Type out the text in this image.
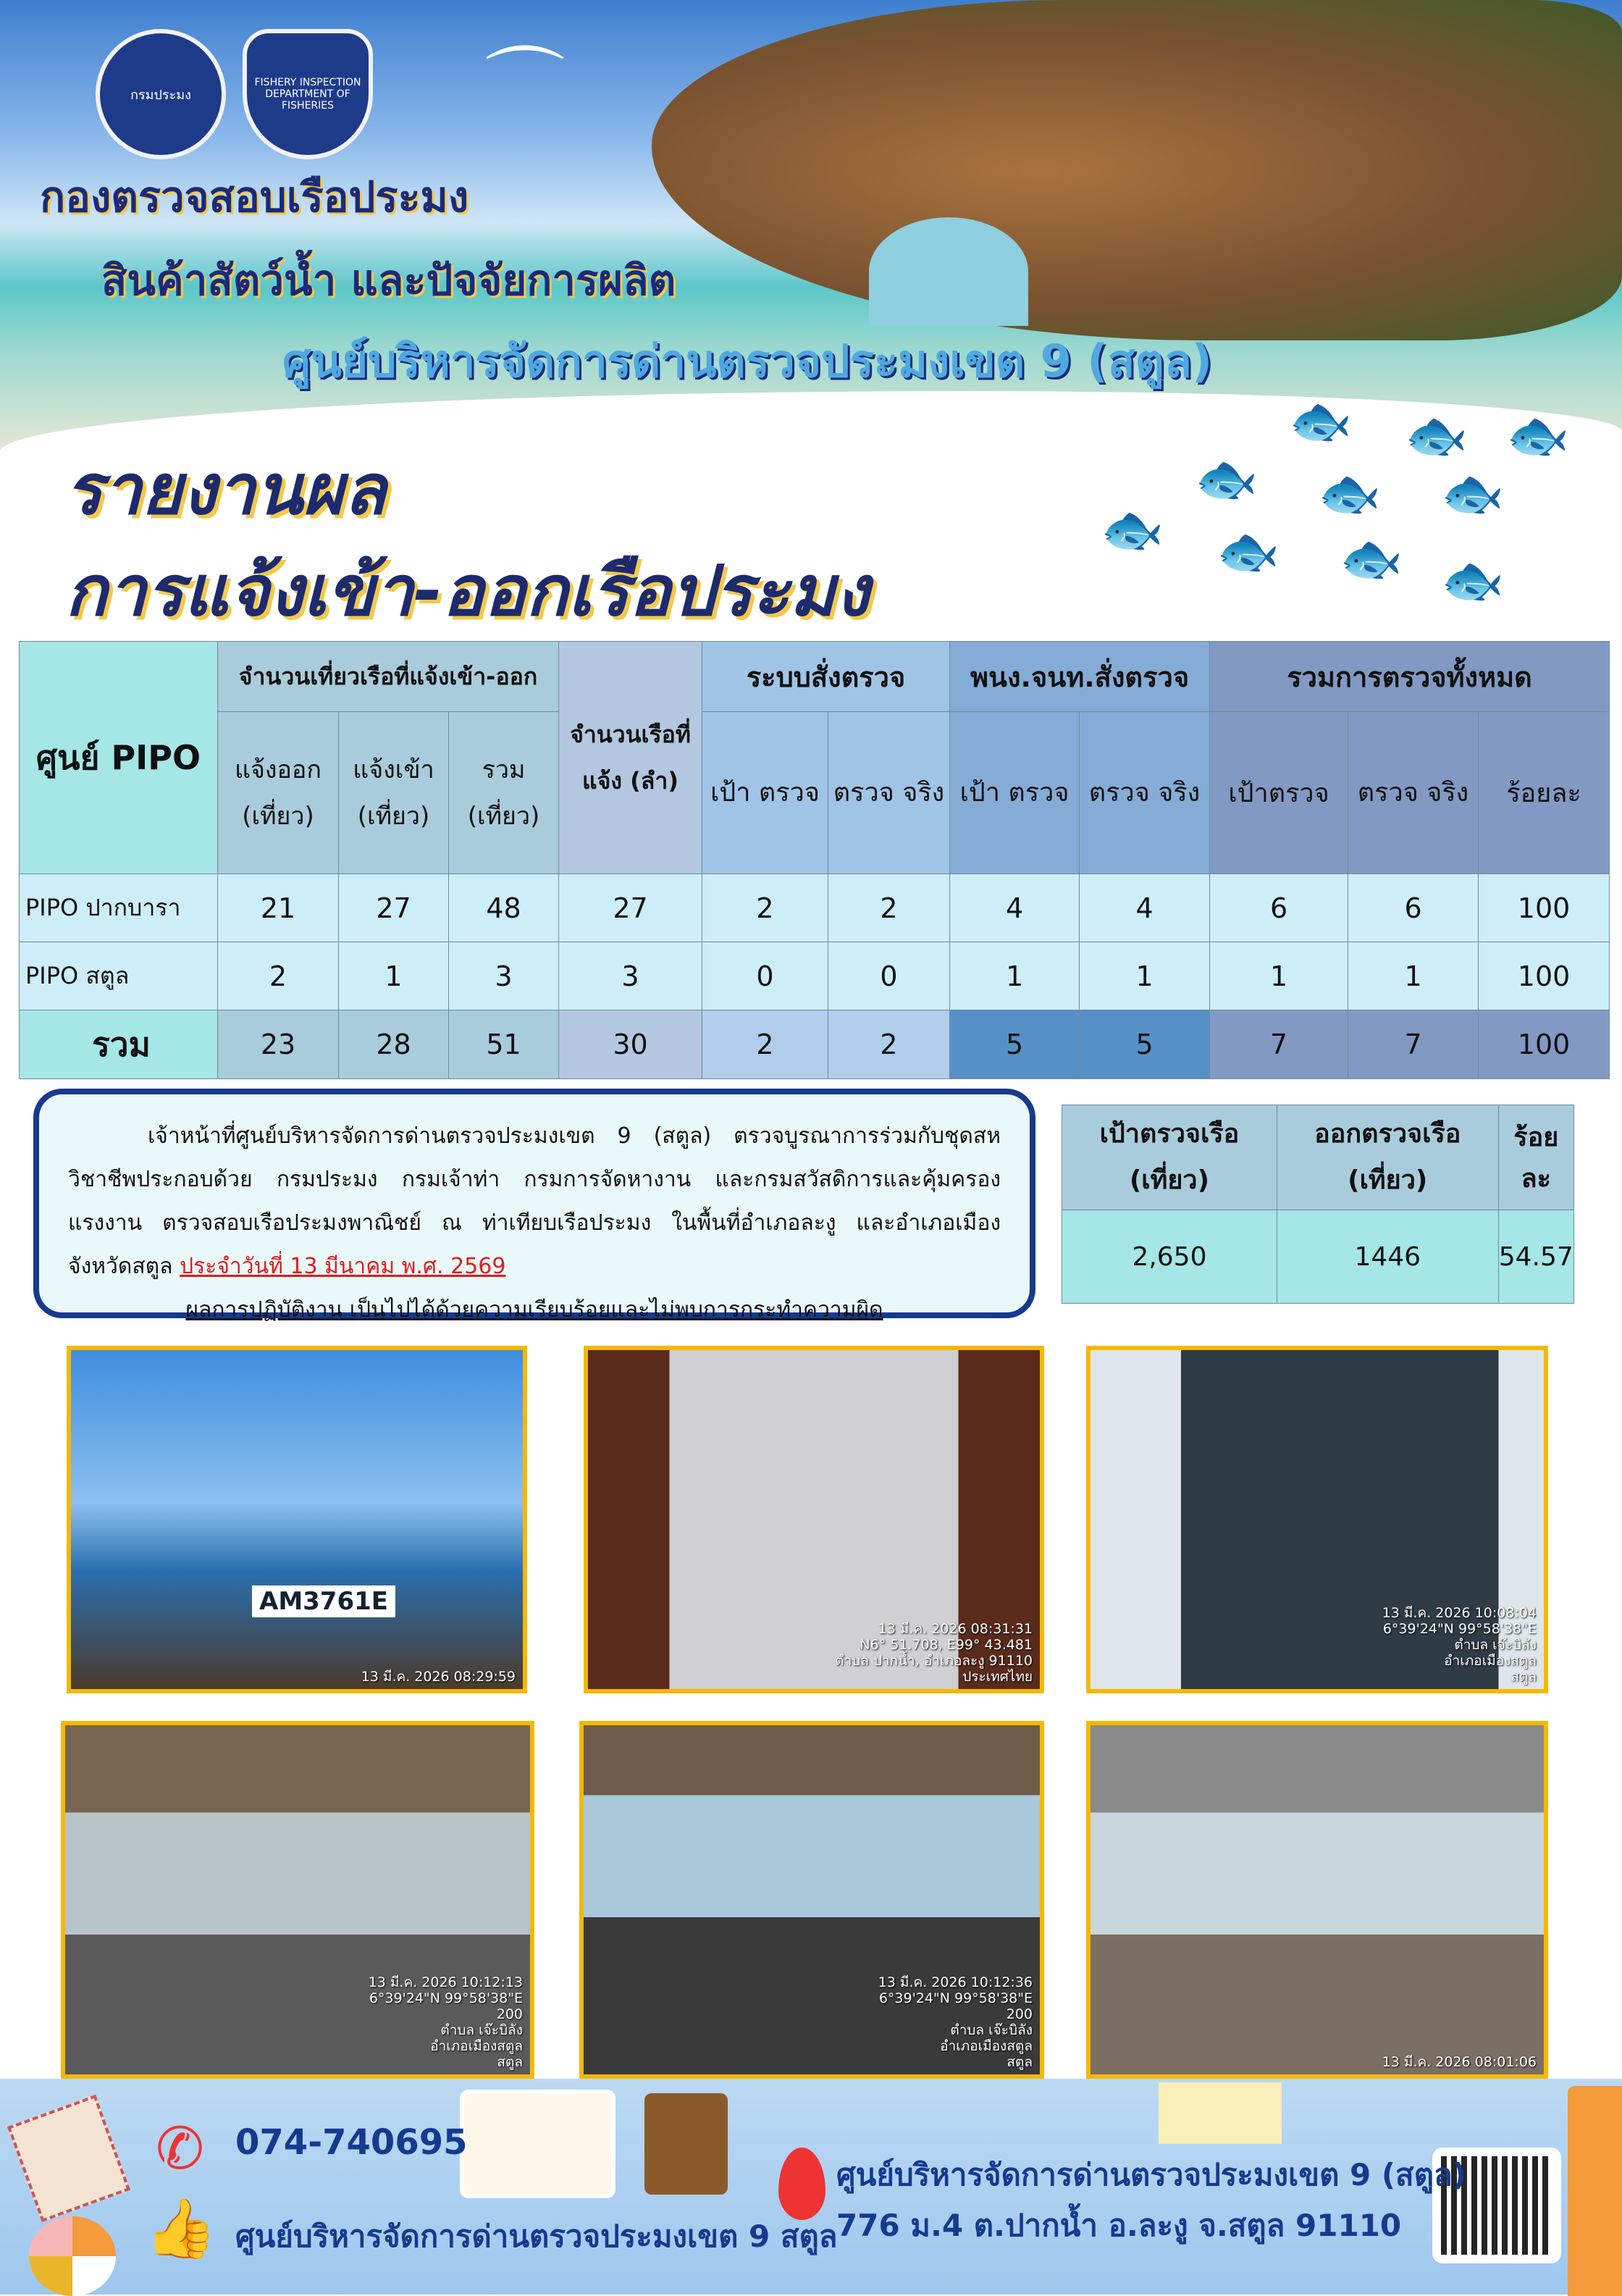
กรมประมง
FISHERY INSPECTION DEPARTMENT OF FISHERIES	⌒
กองตรวจสอบเรือประมง
สินค้าสัตว์น้ำ และปัจจัยการผลิต
ศูนย์บริหารจัดการด่านตรวจประมงเขต 9 (สตูล)
รายงานผล
การแจ้งเข้า-ออกเรือประมง
🐟 🐟 🐟
🐟 🐟 🐟
🐟 🐟 🐟 🐟
ศูนย์ PIPO	จำนวนเที่ยวเรือที่แจ้งเข้า-ออก			จำนวนเรือที่แจ้ง (ลำ)	ระบบสั่งตรวจ		พนง.จนท.สั่งตรวจ		รวมการตรวจทั้งหมด		
	แจ้งออก (เที่ยว)	แจ้งเข้า (เที่ยว)	รวม (เที่ยว)		เป้า ตรวจ	ตรวจ จริง	เป้า ตรวจ	ตรวจ จริง	เป้าตรวจ	ตรวจ จริง	ร้อยละ
PIPO ปากบารา	21	27	48	27	2	2	4	4	6	6	100
PIPO สตูล	2	1	3	3	0	0	1	1	1	1	100
รวม	23	28	51	30	2	2	5	5	7	7	100
เจ้าหน้าที่ศูนย์บริหารจัดการด่านตรวจประมงเขต 9 (สตูล) ตรวจบูรณาการร่วมกับชุดสหวิชาชีพประกอบด้วย กรมประมง กรมเจ้าท่า กรมการจัดหางาน และกรมสวัสดิการและคุ้มครองแรงงาน ตรวจสอบเรือประมงพาณิชย์ ณ ท่าเทียบเรือประมง ในพื้นที่อำเภอละงู และอำเภอเมือง จังหวัดสตูล ประจำวันที่ 13 มีนาคม พ.ศ. 2569
ผลการปฏิบัติงาน เป็นไปได้ด้วยความเรียบร้อยและไม่พบการกระทำความผิด
เป้าตรวจเรือ (เที่ยว)	ออกตรวจเรือ (เที่ยว)	ร้อยละ
2,650	1446	54.57
AM3761E
13 มี.ค. 2026 08:29:59
13 มี.ค. 2026 08:31:31
N6° 51.708, E99° 43.481
ตำบล ปากน้ำ, อำเภอละงู 91110
ประเทศไทย
13 มี.ค. 2026 10:08:04
6°39'24"N 99°58'38"E
ตำบล เจ๊ะบิลัง
อำเภอเมืองสตูล
สตูล
13 มี.ค. 2026 10:12:13
6°39'24"N 99°58'38"E
200
ตำบล เจ๊ะบิลัง
อำเภอเมืองสตูล
สตูล
13 มี.ค. 2026 10:12:36
6°39'24"N 99°58'38"E
200
ตำบล เจ๊ะบิลัง
อำเภอเมืองสตูล
สตูล	13 มี.ค. 2026 08:01:06
✆
👍
074-740695
ศูนย์บริหารจัดการด่านตรวจประมงเขต 9 สตูล
ศูนย์บริหารจัดการด่านตรวจประมงเขต 9 (สตูล)
776 ม.4 ต.ปากน้ำ อ.ละงู จ.สตูล 91110
